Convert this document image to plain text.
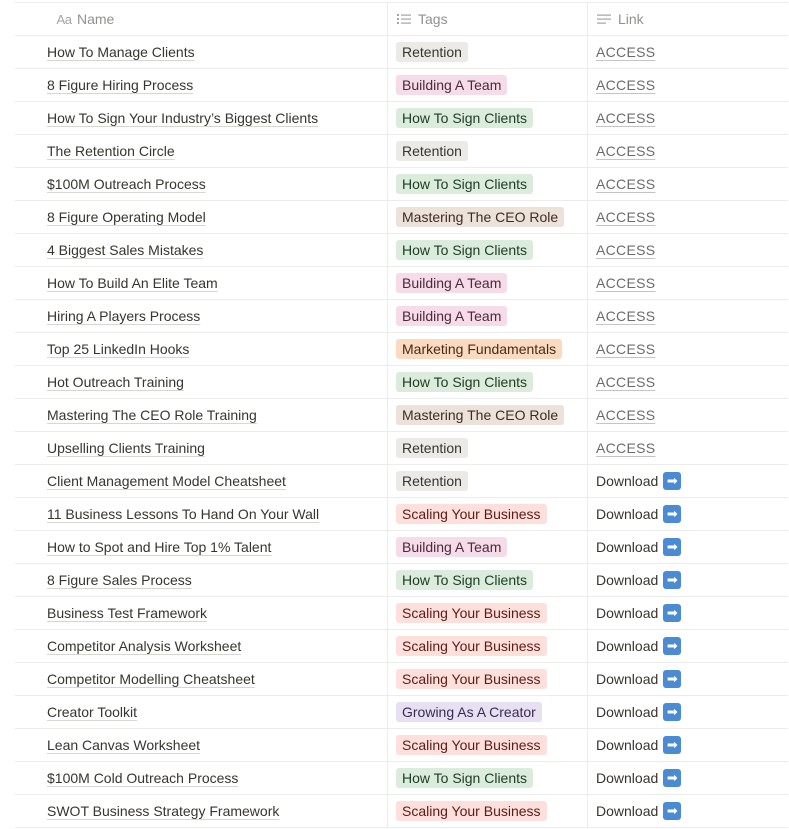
Aa Name	Tags	Link
How To Manage Clients	Retention	ACCESS
8 Figure Hiring Process	Building A Team	ACCESS
How To Sign Your Industry’s Biggest Clients	How To Sign Clients	ACCESS
The Retention Circle	Retention	ACCESS
$100M Outreach Process	How To Sign Clients	ACCESS
8 Figure Operating Model	Mastering The CEO Role	ACCESS
4 Biggest Sales Mistakes	How To Sign Clients	ACCESS
How To Build An Elite Team	Building A Team	ACCESS
Hiring A Players Process	Building A Team	ACCESS
Top 25 LinkedIn Hooks	Marketing Fundamentals	ACCESS
Hot Outreach Training	How To Sign Clients	ACCESS
Mastering The CEO Role Training	Mastering The CEO Role	ACCESS
Upselling Clients Training	Retention	ACCESS
Client Management Model Cheatsheet	Retention	Download ➡
11 Business Lessons To Hand On Your Wall	Scaling Your Business	Download ➡
How to Spot and Hire Top 1% Talent	Building A Team	Download ➡
8 Figure Sales Process	How To Sign Clients	Download ➡
Business Test Framework	Scaling Your Business	Download ➡
Competitor Analysis Worksheet	Scaling Your Business	Download ➡
Competitor Modelling Cheatsheet	Scaling Your Business	Download ➡
Creator Toolkit	Growing As A Creator	Download ➡
Lean Canvas Worksheet	Scaling Your Business	Download ➡
$100M Cold Outreach Process	How To Sign Clients	Download ➡
SWOT Business Strategy Framework	Scaling Your Business	Download ➡
